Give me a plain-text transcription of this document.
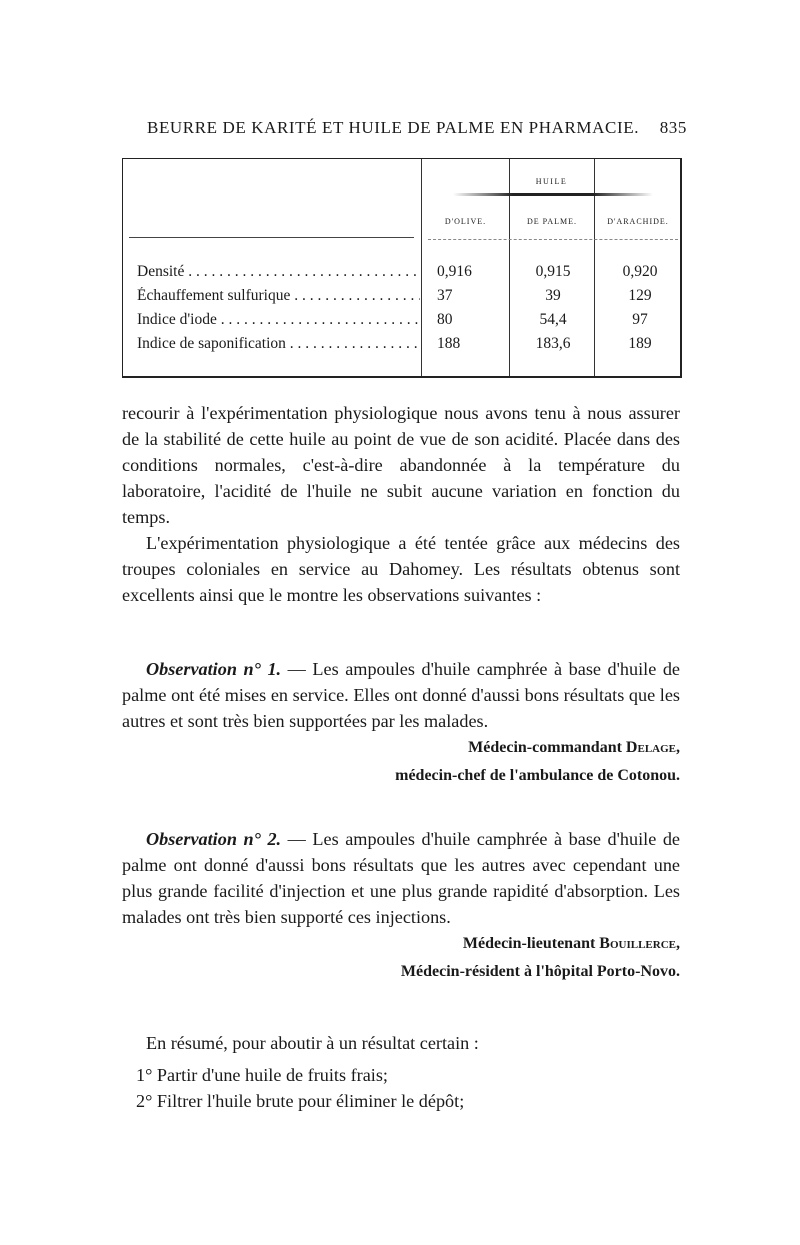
BEURRE DE KARITÉ ET HUILE DE PALME EN PHARMACIE. 835
HUILE
D'OLIVE.	DE PALME.	D'ARACHIDE.
Densité . . .	0,916	0,915	0,920
Échauffement sulfurique . . .	37	39	129
Indice d'iode . . .	80	54,4	97
Indice de saponification . . .	188	183,6	189

recourir à l'expérimentation physiologique nous avons tenu à nous assurer de la stabilité de cette huile au point de vue de son acidité. Placée dans des conditions normales, c'est-à-dire abandonnée à la température du laboratoire, l'acidité de l'huile ne subit aucune variation en fonction du temps.

L'expérimentation physiologique a été tentée grâce aux médecins des troupes coloniales en service au Dahomey. Les résultats obtenus sont excellents ainsi que le montre les observations suivantes :

Observation n° 1. — Les ampoules d'huile camphrée à base d'huile de palme ont été mises en service. Elles ont donné d'aussi bons résultats que les autres et sont très bien supportées par les malades.

Médecin-commandant Delage,

médecin-chef de l'ambulance de Cotonou.

Observation n° 2. — Les ampoules d'huile camphrée à base d'huile de palme ont donné d'aussi bons résultats que les autres avec cependant une plus grande facilité d'injection et une plus grande rapidité d'absorption. Les malades ont très bien supporté ces injections.

Médecin-lieutenant Bouillerce,

Médecin-résident à l'hôpital Porto-Novo.

En résumé, pour aboutir à un résultat certain :

1° Partir d'une huile de fruits frais;

2° Filtrer l'huile brute pour éliminer le dépôt;
